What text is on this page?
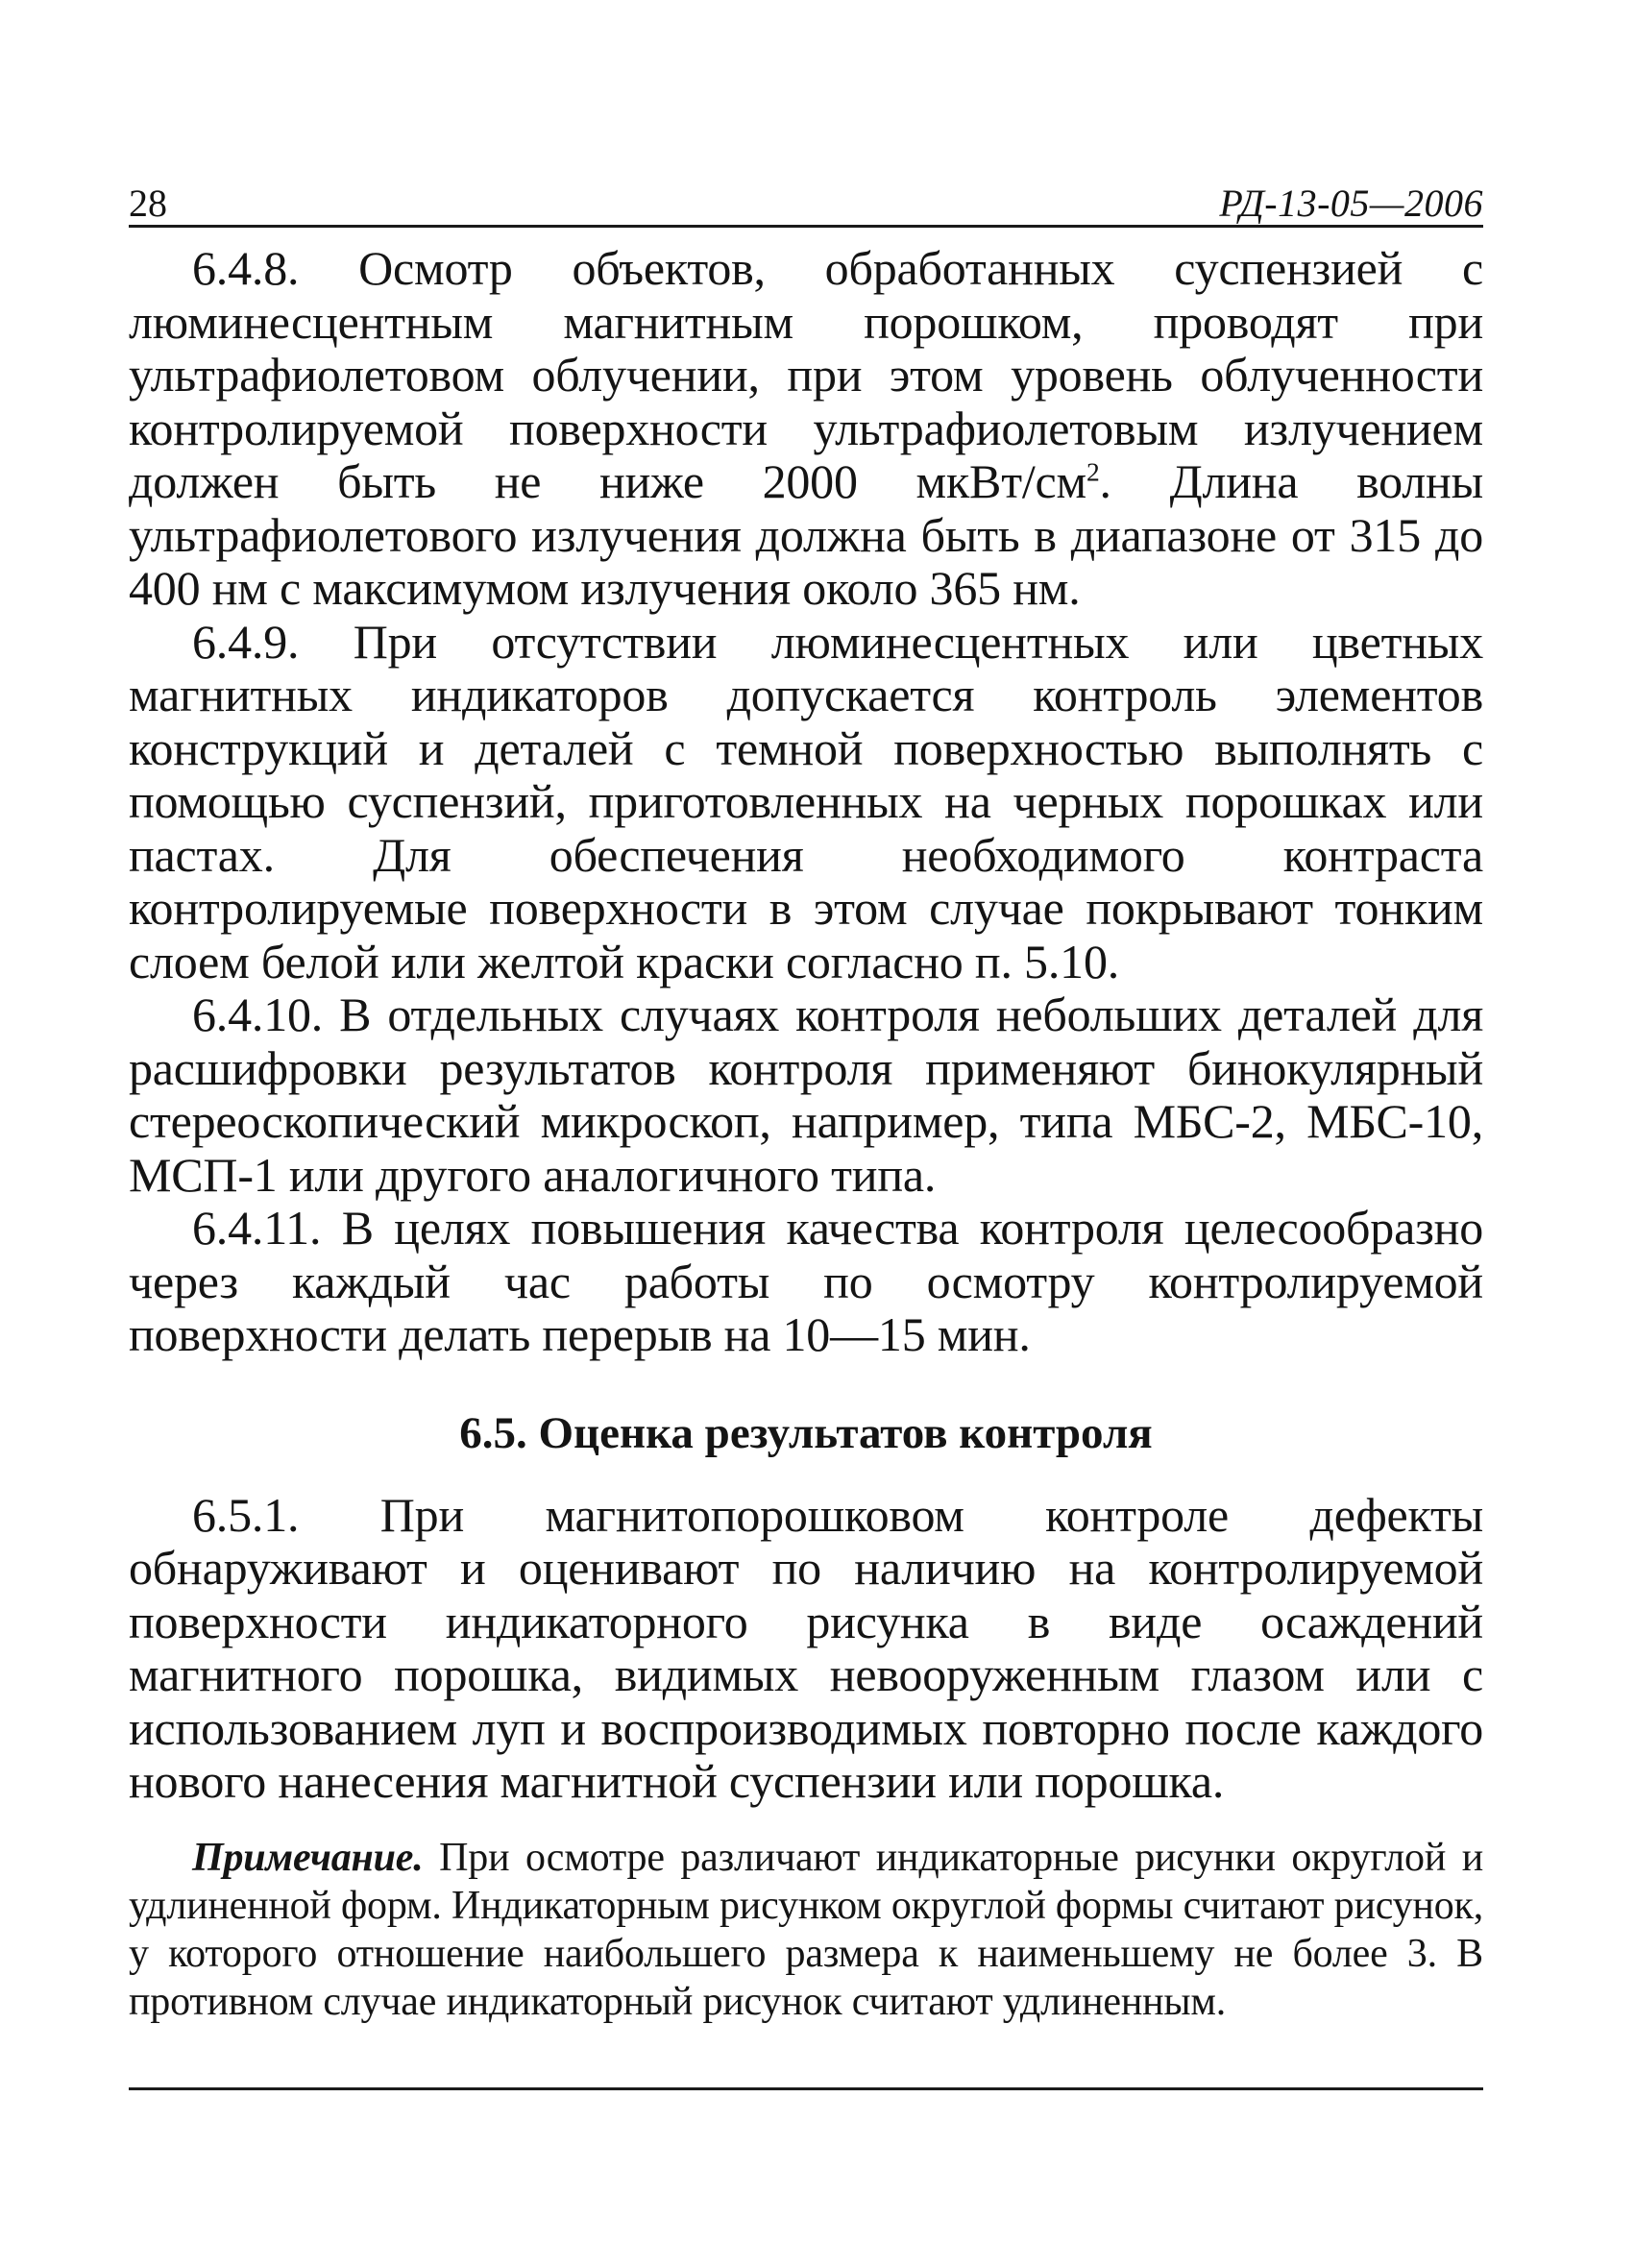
28	РД-13-05—2006

6.4.8. Осмотр объектов, обработанных суспензией с люминесцентным магнитным порошком, проводят при ультрафиолетовом облучении, при этом уровень облученности контролируемой поверхности ультрафиолетовым излучением должен быть не ниже 2000 мкВт/$см^2$. Длина волны ультрафиолетового излучения должна быть в диапазоне от 315 до 400 нм с максимумом излучения около 365 нм.

6.4.9. При отсутствии люминесцентных или цветных магнитных индикаторов допускается контроль элементов конструкций и деталей с темной поверхностью выполнять с помощью суспензий, приготовленных на черных порошках или пастах. Для обеспечения необходимого контраста контролируемые поверхности в этом случае покрывают тонким слоем белой или желтой краски согласно п. 5.10.

6.4.10. В отдельных случаях контроля небольших деталей для расшифровки результатов контроля применяют бинокулярный стереоскопический микроскоп, например, типа МБС-2, МБС-10, МСП-1 или другого аналогичного типа.

6.4.11. В целях повышения качества контроля целесообразно через каждый час работы по осмотру контролируемой поверхности делать перерыв на 10—15 мин.

6.5. Оценка результатов контроля

6.5.1. При магнитопорошковом контроле дефекты обнаруживают и оценивают по наличию на контролируемой поверхности индикаторного рисунка в виде осаждений магнитного порошка, видимых невооруженным глазом или с использованием луп и воспроизводимых повторно после каждого нового нанесения магнитной суспензии или порошка.

Примечание. При осмотре различают индикаторные рисунки округлой и удлиненной форм. Индикаторным рисунком округлой формы считают рисунок, у которого отношение наибольшего размера к наименьшему не более 3. В противном случае индикаторный рисунок считают удлиненным.
